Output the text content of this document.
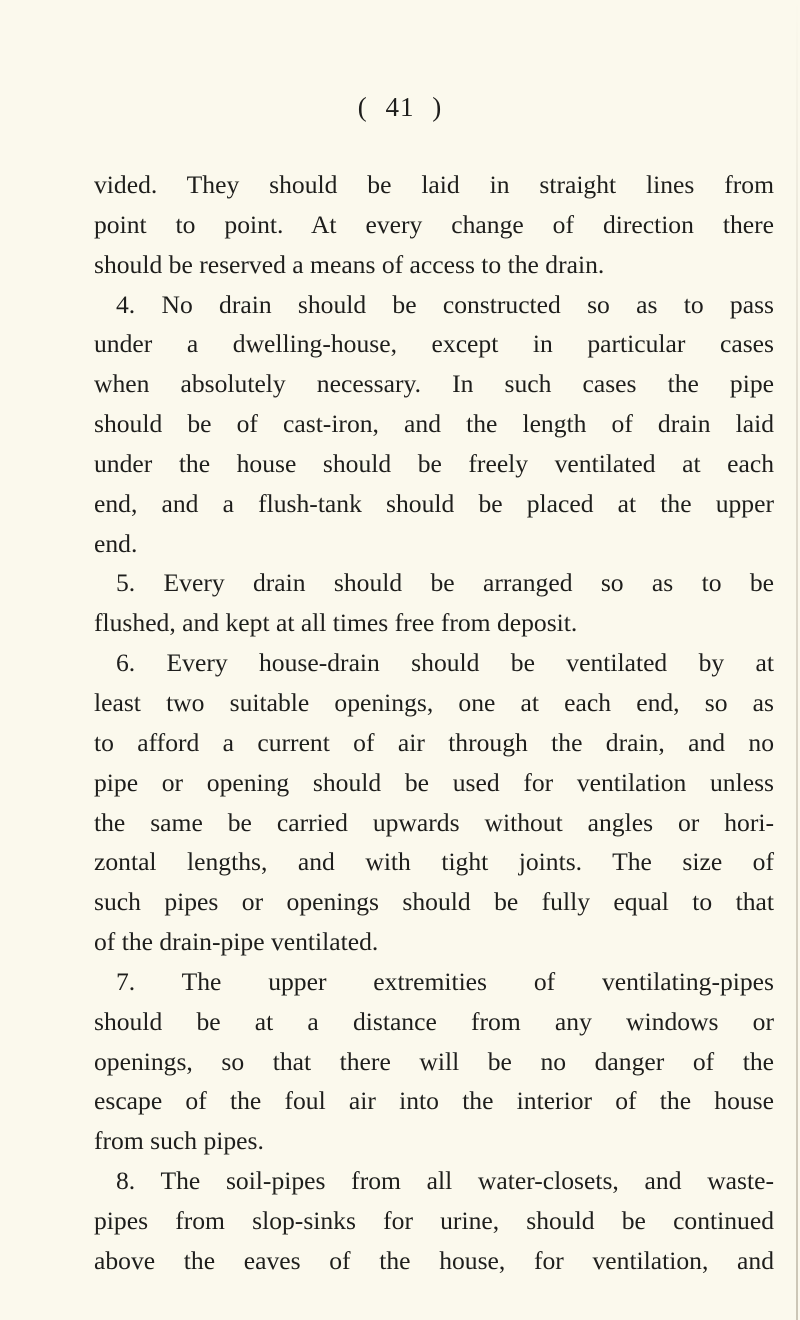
( 41 )
vided. They should be laid in straight lines from
point to point. At every change of direction there
should be reserved a means of access to the drain.
4. No drain should be constructed so as to pass
under a dwelling-house, except in particular cases
when absolutely necessary. In such cases the pipe
should be of cast-iron, and the length of drain laid
under the house should be freely ventilated at each
end, and a flush-tank should be placed at the upper
end.
5. Every drain should be arranged so as to be
flushed, and kept at all times free from deposit.
6. Every house-drain should be ventilated by at
least two suitable openings, one at each end, so as
to afford a current of air through the drain, and no
pipe or opening should be used for ventilation unless
the same be carried upwards without angles or hori-
zontal lengths, and with tight joints. The size of
such pipes or openings should be fully equal to that
of the drain-pipe ventilated.
7. The upper extremities of ventilating-pipes
should be at a distance from any windows or
openings, so that there will be no danger of the
escape of the foul air into the interior of the house
from such pipes.
8. The soil-pipes from all water-closets, and waste-
pipes from slop-sinks for urine, should be continued
above the eaves of the house, for ventilation, and
